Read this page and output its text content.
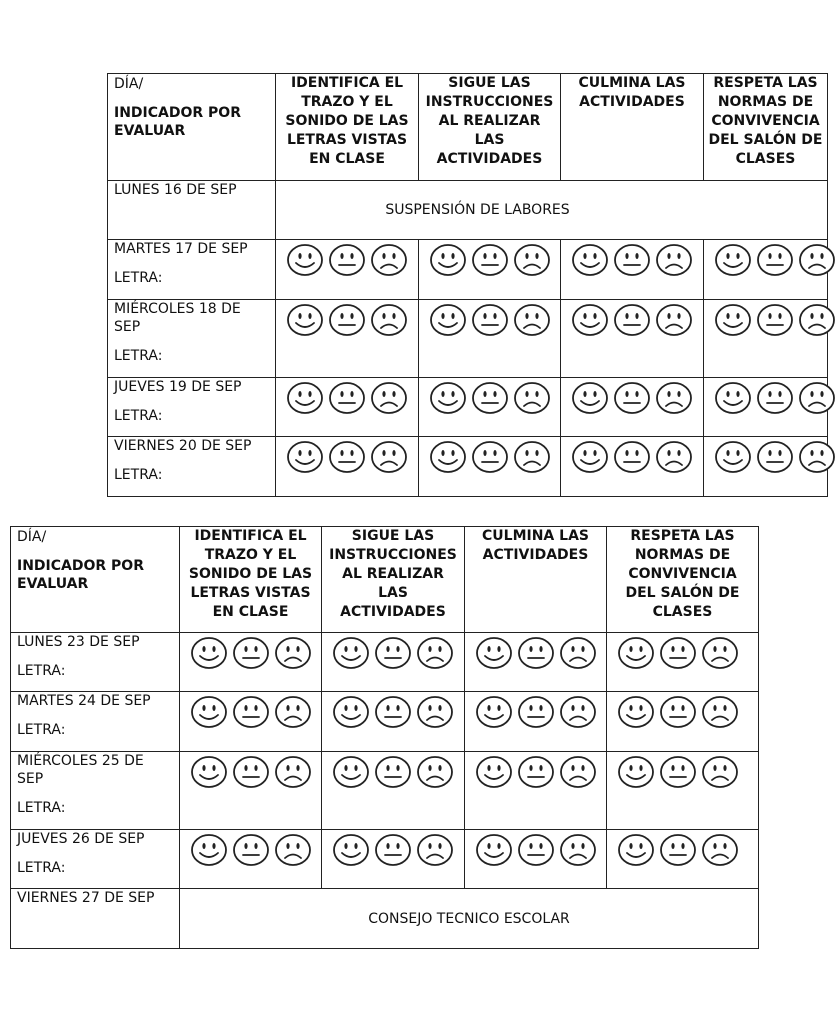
DÍA/
INDICADOR POR EVALUAR	IDENTIFICA EL TRAZO Y EL SONIDO DE LAS LETRAS VISTAS EN CLASE	SIGUE LAS INSTRUCCIONES AL REALIZAR LAS ACTIVIDADES	CULMINA LAS ACTIVIDADES	RESPETA LAS NORMAS DE CONVIVENCIA DEL SALÓN DE CLASES

LUNES 16 DE SEP	SUSPENSIÓN DE LABORES			

MARTES 17 DE SEP
LETRA:

MIÉRCOLES 18 DE SEP
LETRA:

JUEVES 19 DE SEP
LETRA:

VIERNES 20 DE SEP
LETRA:

DÍA/
INDICADOR POR EVALUAR	IDENTIFICA EL TRAZO Y EL SONIDO DE LAS LETRAS VISTAS EN CLASE	SIGUE LAS INSTRUCCIONES AL REALIZAR LAS ACTIVIDADES	CULMINA LAS ACTIVIDADES	RESPETA LAS NORMAS DE CONVIVENCIA DEL SALÓN DE CLASES

LUNES 23 DE SEP
LETRA:

MARTES 24 DE SEP
LETRA:

MIÉRCOLES 25 DE SEP
LETRA:

JUEVES 26 DE SEP
LETRA:

VIERNES 27 DE SEP	CONSEJO TECNICO ESCOLAR			
